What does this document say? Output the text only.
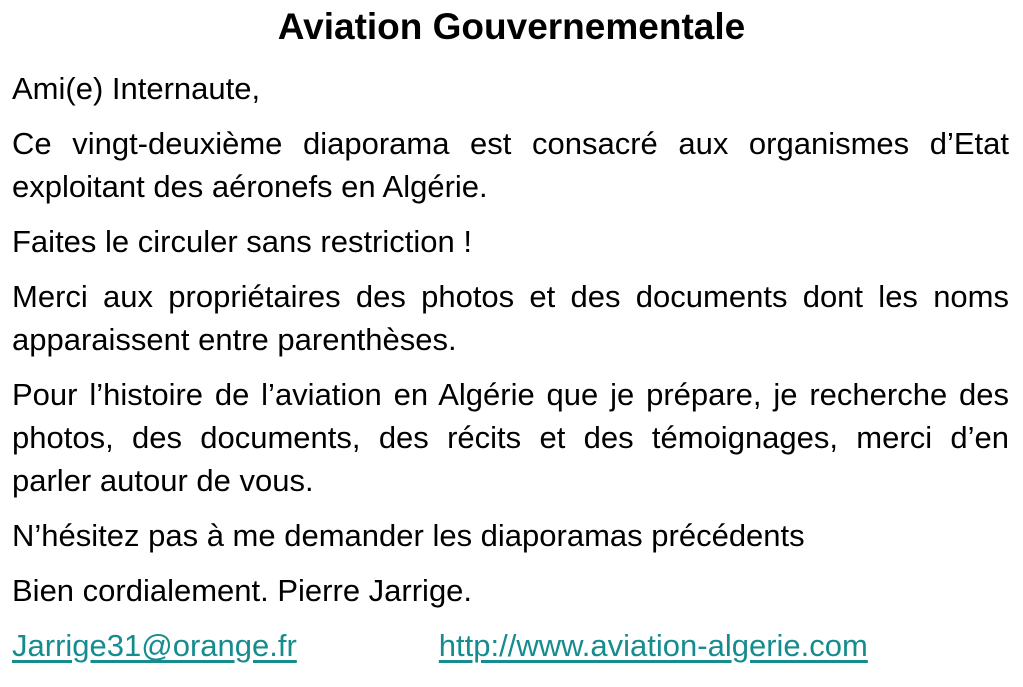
Aviation Gouvernementale

Ami(e) Internaute,

Ce vingt-deuxième diaporama est consacré aux organismes d’Etat exploitant des aéronefs en Algérie.

Faites le circuler sans restriction !

Merci aux propriétaires des photos et des documents dont les noms apparaissent entre parenthèses.

Pour l’histoire de l’aviation en Algérie que je prépare, je recherche des photos, des documents, des récits et des témoignages, merci d’en parler autour de vous.

N’hésitez pas à me demander les diaporamas précédents

Bien cordialement. Pierre Jarrige.

Jarrige31@orange.fr	http://www.aviation-algerie.com
